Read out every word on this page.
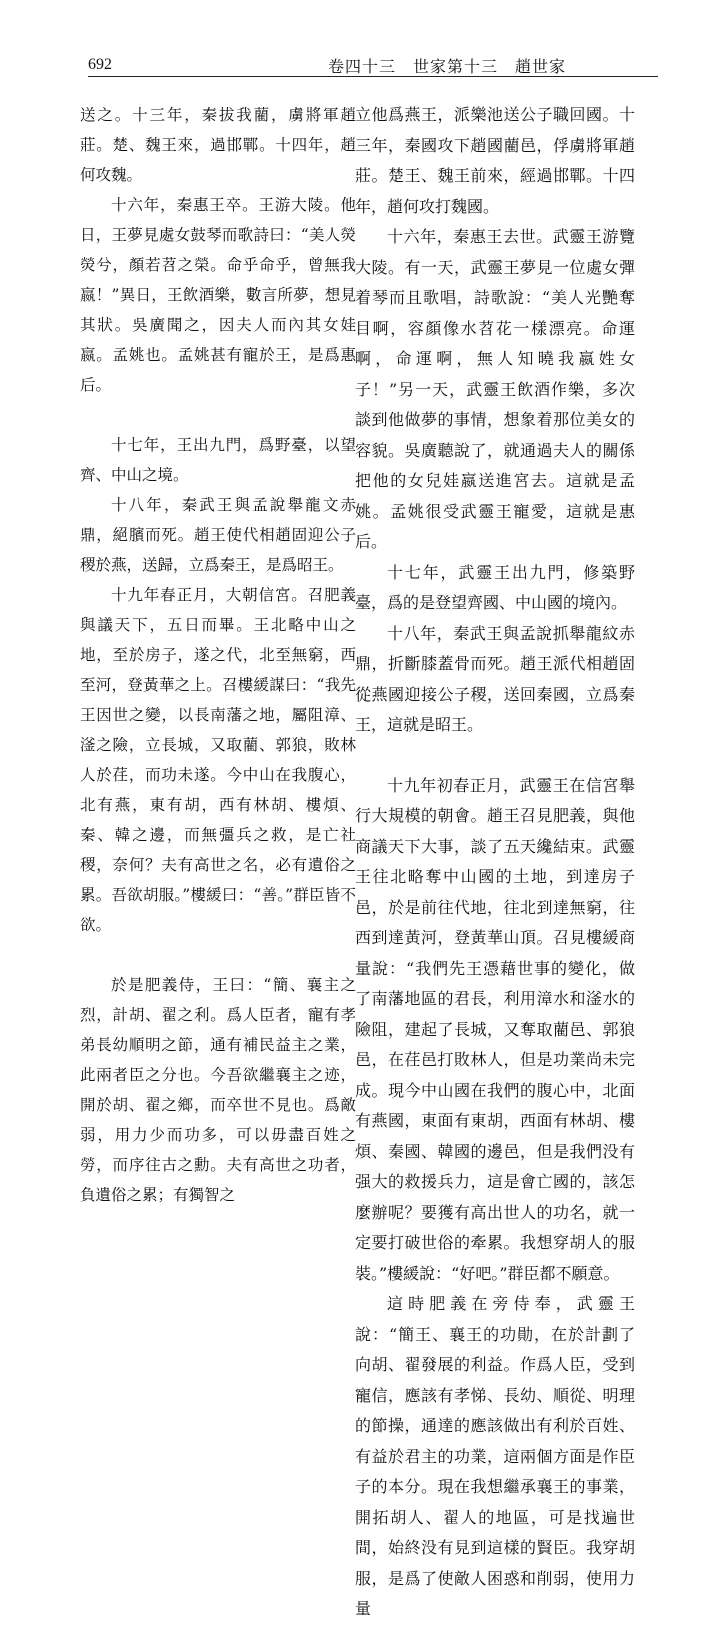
692	卷四十三　世家第十三　趙世家

送之。十三年，秦拔我藺，虜將軍趙莊。楚、魏王來，過邯鄲。十四年，趙何攻魏。

十六年，秦惠王卒。王游大陵。他日，王夢見處女鼓琴而歌詩曰：“美人熒熒兮，顏若苕之榮。命乎命乎，曾無我嬴！”異日，王飲酒樂，數言所夢，想見其狀。吳廣聞之，因夫人而內其女娃嬴。孟姚也。孟姚甚有寵於王，是爲惠后。

十七年，王出九門，爲野臺，以望齊、中山之境。

十八年，秦武王與孟說舉龍文赤鼎，絕臏而死。趙王使代相趙固迎公子稷於燕，送歸，立爲秦王，是爲昭王。

十九年春正月，大朝信宮。召肥義與議天下，五日而畢。王北略中山之地，至於房子，遂之代，北至無窮，西至河，登黃華之上。召樓緩謀曰：“我先王因世之變，以長南藩之地，屬阻漳、滏之險，立長城，又取藺、郭狼，敗林人於荏，而功未遂。今中山在我腹心，北有燕，東有胡，西有林胡、樓煩、秦、韓之邊，而無彊兵之救，是亡社稷，奈何？夫有高世之名，必有遺俗之累。吾欲胡服。”樓緩曰：“善。”群臣皆不欲。

於是肥義侍，王曰：“簡、襄主之烈，計胡、翟之利。爲人臣者，寵有孝弟長幼順明之節，通有補民益主之業，此兩者臣之分也。今吾欲繼襄主之迹，開於胡、翟之鄉，而卒世不見也。爲敵弱，用力少而功多，可以毋盡百姓之勞，而序往古之勳。夫有高世之功者，負遺俗之累；有獨智之

立他爲燕王，派樂池送公子職回國。十三年，秦國攻下趙國藺邑，俘虜將軍趙莊。楚王、魏王前來，經過邯鄲。十四年，趙何攻打魏國。

十六年，秦惠王去世。武靈王游覽大陵。有一天，武靈王夢見一位處女彈着琴而且歌唱，詩歌說：“美人光艷奪目啊，容顏像水苕花一樣漂亮。命運啊，命運啊，無人知曉我嬴姓女子！”另一天，武靈王飲酒作樂，多次談到他做夢的事情，想象着那位美女的容貌。吳廣聽說了，就通過夫人的關係把他的女兒娃嬴送進宮去。這就是孟姚。孟姚很受武靈王寵愛，這就是惠后。

十七年，武靈王出九門，修築野臺，爲的是登望齊國、中山國的境內。

十八年，秦武王與孟說抓舉龍紋赤鼎，折斷膝蓋骨而死。趙王派代相趙固從燕國迎接公子稷，送回秦國，立爲秦王，這就是昭王。

十九年初春正月，武靈王在信宮舉行大規模的朝會。趙王召見肥義，與他商議天下大事，談了五天纔結束。武靈王往北略奪中山國的土地，到達房子邑，於是前往代地，往北到達無窮，往西到達黃河，登黃華山頂。召見樓緩商量說：“我們先王憑藉世事的變化，做了南藩地區的君長，利用漳水和滏水的險阻，建起了長城，又奪取藺邑、郭狼邑，在荏邑打敗林人，但是功業尚未完成。現今中山國在我們的腹心中，北面有燕國，東面有東胡，西面有林胡、樓煩、秦國、韓國的邊邑，但是我們没有强大的救援兵力，這是會亡國的，該怎麼辦呢？要獲有高出世人的功名，就一定要打破世俗的牽累。我想穿胡人的服裝。”樓緩說：“好吧。”群臣都不願意。

這時肥義在旁侍奉，武靈王說：“簡王、襄王的功勛，在於計劃了向胡、翟發展的利益。作爲人臣，受到寵信，應該有孝悌、長幼、順從、明理的節操，通達的應該做出有利於百姓、有益於君主的功業，這兩個方面是作臣子的本分。現在我想繼承襄王的事業，開拓胡人、翟人的地區，可是找遍世間，始終没有見到這樣的賢臣。我穿胡服，是爲了使敵人困惑和削弱，使用力量
